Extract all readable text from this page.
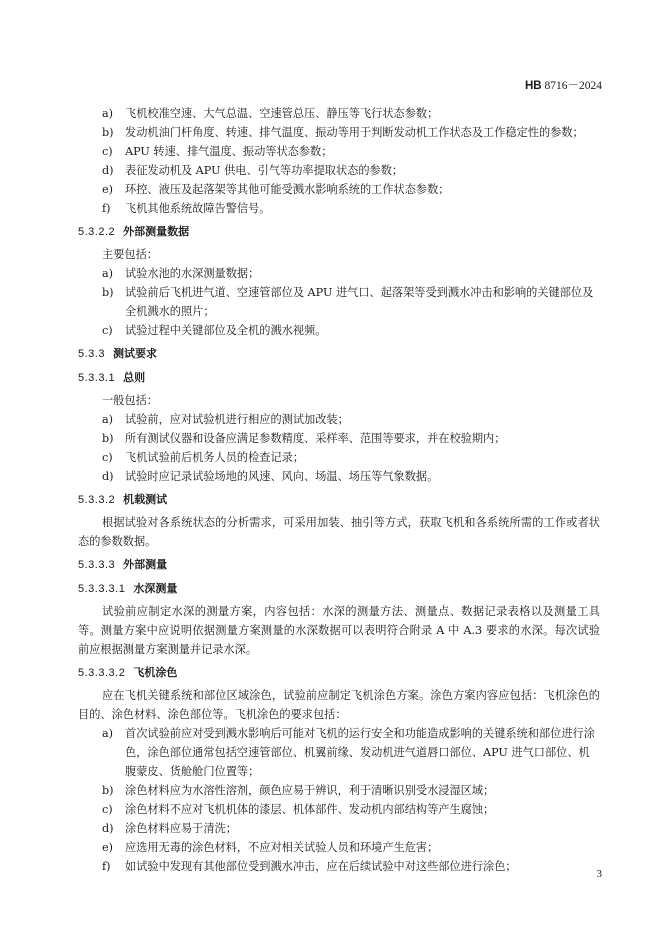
HB 8716－2024
a) 飞机校准空速、大气总温、空速管总压、静压等飞行状态参数；
b) 发动机油门杆角度、转速、排气温度、振动等用于判断发动机工作状态及工作稳定性的参数；
c) APU 转速、排气温度、振动等状态参数；
d) 表征发动机及 APU 供电、引气等功率提取状态的参数；
e) 环控、液压及起落架等其他可能受溅水影响系统的工作状态参数；
f) 飞机其他系统故障告警信号。
5.3.2.2 外部测量数据
主要包括：
a) 试验水池的水深测量数据；
b) 试验前后飞机进气道、空速管部位及 APU 进气口、起落架等受到溅水冲击和影响的关键部位及全机溅水的照片；
c) 试验过程中关键部位及全机的溅水视频。
5.3.3 测试要求
5.3.3.1 总则
一般包括：
a) 试验前，应对试验机进行相应的测试加改装；
b) 所有测试仪器和设备应满足参数精度、采样率、范围等要求，并在校验期内；
c) 飞机试验前后机务人员的检查记录；
d) 试验时应记录试验场地的风速、风向、场温、场压等气象数据。
5.3.3.2 机载测试
根据试验对各系统状态的分析需求，可采用加装、抽引等方式，获取飞机和各系统所需的工作或者状态的参数数据。
5.3.3.3 外部测量
5.3.3.3.1 水深测量
试验前应制定水深的测量方案，内容包括：水深的测量方法、测量点、数据记录表格以及测量工具等。测量方案中应说明依据测量方案测量的水深数据可以表明符合附录 A 中 A.3 要求的水深。每次试验前应根据测量方案测量并记录水深。
5.3.3.3.2 飞机涂色
应在飞机关键系统和部位区域涂色，试验前应制定飞机涂色方案。涂色方案内容应包括：飞机涂色的目的、涂色材料、涂色部位等。飞机涂色的要求包括：
a) 首次试验前应对受到溅水影响后可能对飞机的运行安全和功能造成影响的关键系统和部位进行涂色，涂色部位通常包括空速管部位、机翼前缘、发动机进气道唇口部位、APU 进气口部位、机腹蒙皮、货舱舱门位置等；
b) 涂色材料应为水溶性溶剂，颜色应易于辨识，利于清晰识别受水浸湿区域；
c) 涂色材料不应对飞机机体的漆层、机体部件、发动机内部结构等产生腐蚀；
d) 涂色材料应易于清洗；
e) 应选用无毒的涂色材料，不应对相关试验人员和环境产生危害；
f) 如试验中发现有其他部位受到溅水冲击，应在后续试验中对这些部位进行涂色；
3
